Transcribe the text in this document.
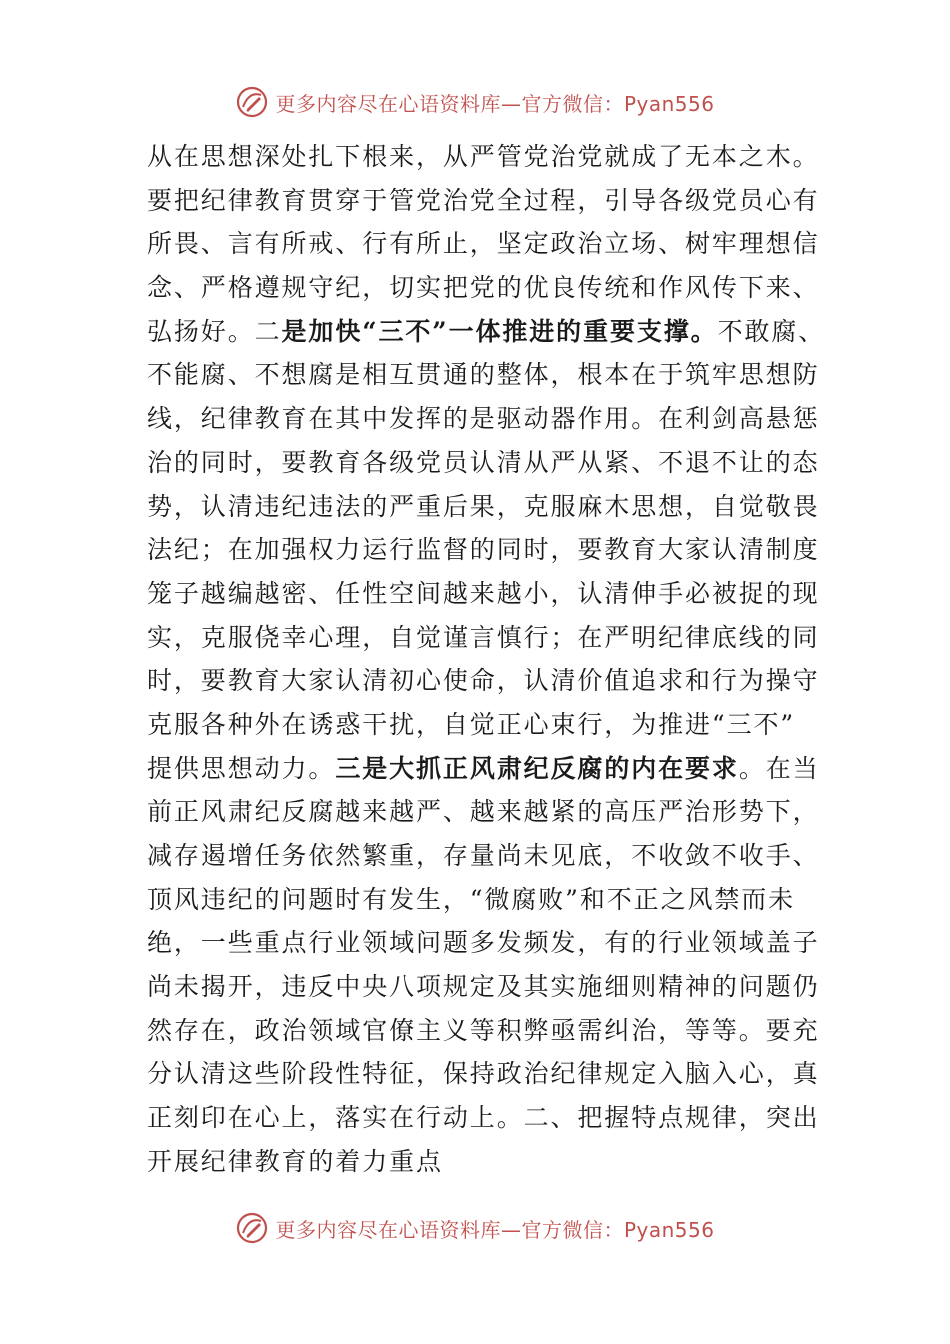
更多内容尽在心语资料库—官方微信：Pyan556
从在思想深处扎下根来，从严管党治党就成了无本之木。
要把纪律教育贯穿于管党治党全过程，引导各级党员心有
所畏、言有所戒、行有所止，坚定政治立场、树牢理想信
念、严格遵规守纪，切实把党的优良传统和作风传下来、
弘扬好。二是加快“三不”一体推进的重要支撑。不敢腐、
不能腐、不想腐是相互贯通的整体，根本在于筑牢思想防
线，纪律教育在其中发挥的是驱动器作用。在利剑高悬惩
治的同时，要教育各级党员认清从严从紧、不退不让的态
势，认清违纪违法的严重后果，克服麻木思想，自觉敬畏
法纪；在加强权力运行监督的同时，要教育大家认清制度
笼子越编越密、任性空间越来越小，认清伸手必被捉的现
实，克服侥幸心理，自觉谨言慎行；在严明纪律底线的同
时，要教育大家认清初心使命，认清价值追求和行为操守
克服各种外在诱惑干扰，自觉正心束行，为推进“三不”
提供思想动力。三是大抓正风肃纪反腐的内在要求。在当
前正风肃纪反腐越来越严、越来越紧的高压严治形势下，
减存遏增任务依然繁重，存量尚未见底，不收敛不收手、
顶风违纪的问题时有发生，“微腐败”和不正之风禁而未
绝，一些重点行业领域问题多发频发，有的行业领域盖子
尚未揭开，违反中央八项规定及其实施细则精神的问题仍
然存在，政治领域官僚主义等积弊亟需纠治，等等。要充
分认清这些阶段性特征，保持政治纪律规定入脑入心，真
正刻印在心上，落实在行动上。二、把握特点规律，突出
开展纪律教育的着力重点
更多内容尽在心语资料库—官方微信：Pyan556
